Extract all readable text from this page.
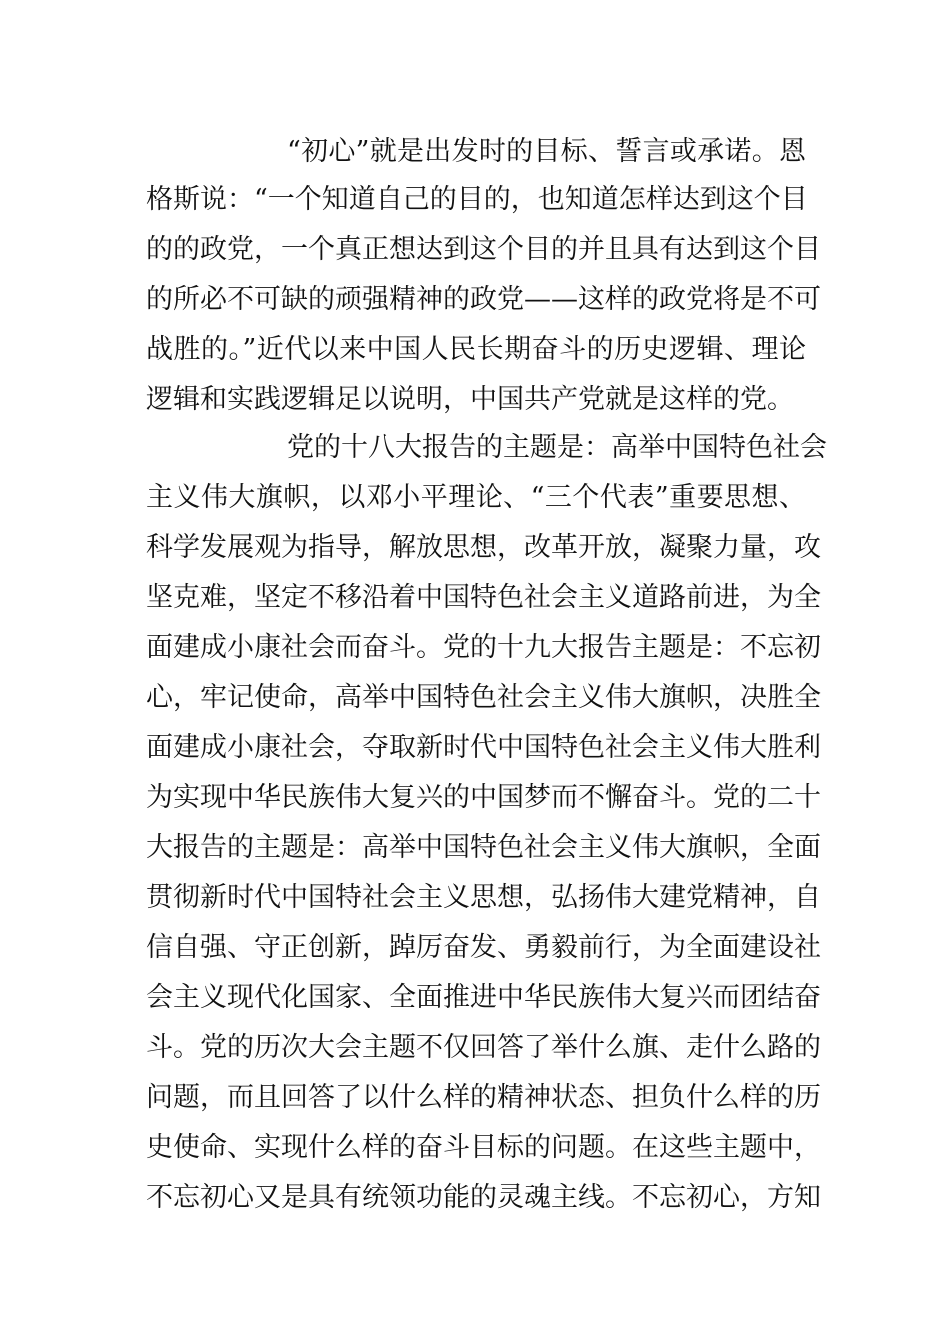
“初心”就是出发时的目标、誓言或承诺。恩
格斯说：“一个知道自己的目的，也知道怎样达到这个目
的的政党，一个真正想达到这个目的并且具有达到这个目
的所必不可缺的顽强精神的政党——这样的政党将是不可
战胜的。”近代以来中国人民长期奋斗的历史逻辑、理论
逻辑和实践逻辑足以说明，中国共产党就是这样的党。
党的十八大报告的主题是：高举中国特色社会
主义伟大旗帜，以邓小平理论、“三个代表”重要思想、
科学发展观为指导，解放思想，改革开放，凝聚力量，攻
坚克难，坚定不移沿着中国特色社会主义道路前进，为全
面建成小康社会而奋斗。党的十九大报告主题是：不忘初
心，牢记使命，高举中国特色社会主义伟大旗帜，决胜全
面建成小康社会，夺取新时代中国特色社会主义伟大胜利
为实现中华民族伟大复兴的中国梦而不懈奋斗。党的二十
大报告的主题是：高举中国特色社会主义伟大旗帜，全面
贯彻新时代中国特社会主义思想，弘扬伟大建党精神，自
信自强、守正创新，踔厉奋发、勇毅前行，为全面建设社
会主义现代化国家、全面推进中华民族伟大复兴而团结奋
斗。党的历次大会主题不仅回答了举什么旗、走什么路的
问题，而且回答了以什么样的精神状态、担负什么样的历
史使命、实现什么样的奋斗目标的问题。在这些主题中，
不忘初心又是具有统领功能的灵魂主线。不忘初心，方知
